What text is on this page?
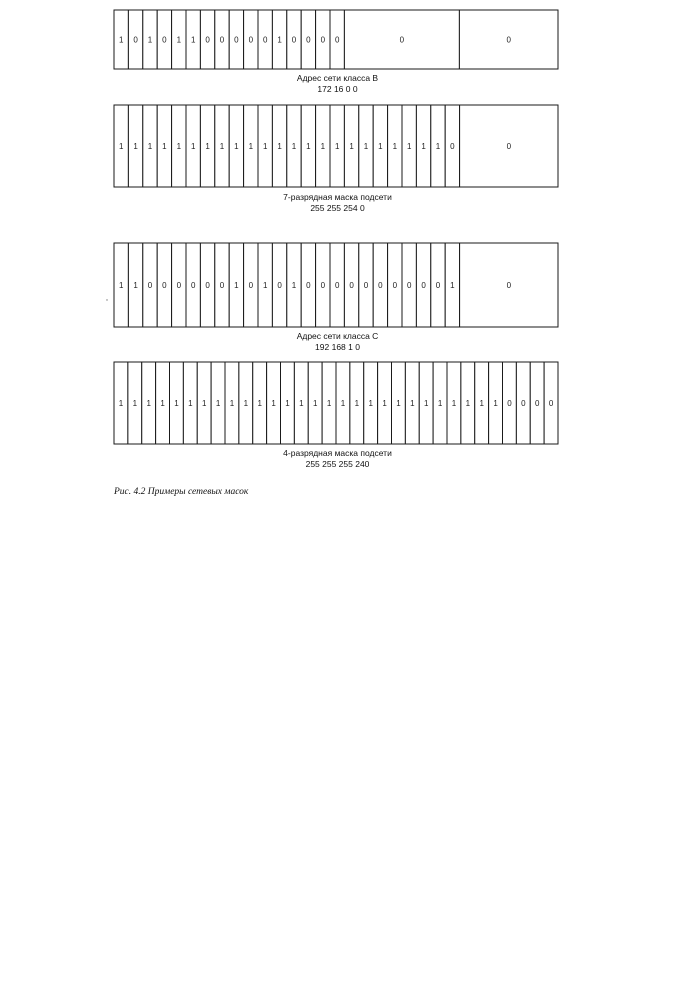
1 0 1 0 1 1 0 0 0 0 0 1 0 0 0 0	0	0
1 1 1 1 1 1 1 1 1 1 1 1 1 1 1 1 1 1 1 1 1 1 1 0	0
1 1 0 0 0 0 0 0 1 0 1 0 1 0 0 0 0 0 0 0 0 0 0 1	0
1 1 1 1 1 1 1 1 1 1 1 1 1 1 1 1 1 1 1 1 1 1 1 1 1 1 1 1 0 0 0 0
Адрес сети класса B
172 16 0 0
7-разрядная маска подсети
255 255 254 0
Адрес сети класса C
192 168 1 0
4-разрядная маска подсети
255 255 255 240
Рис. 4.2 Примеры сетевых масок
